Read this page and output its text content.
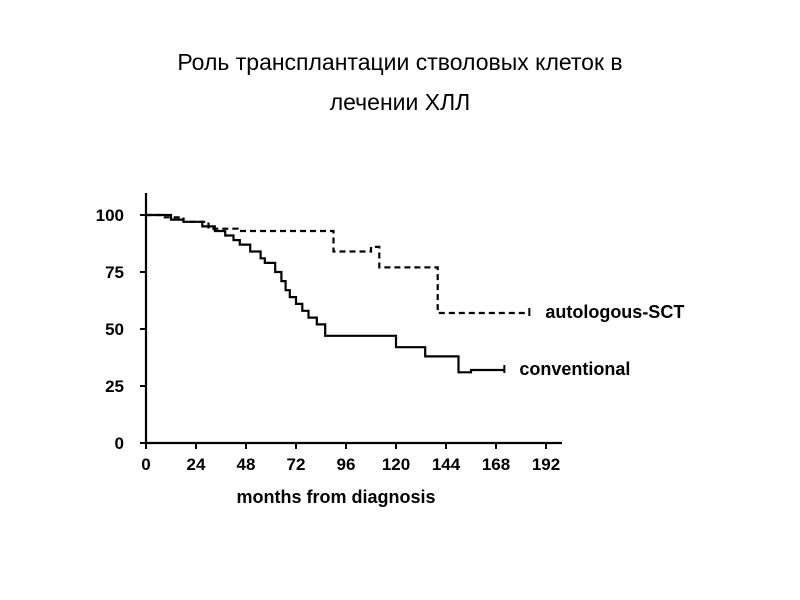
Роль трансплантации стволовых клеток в
лечении ХЛЛ
0 24 48 72 96 120 144 168 192
0
25
50
75
100
months from diagnosis
autologous-SCT
conventional
